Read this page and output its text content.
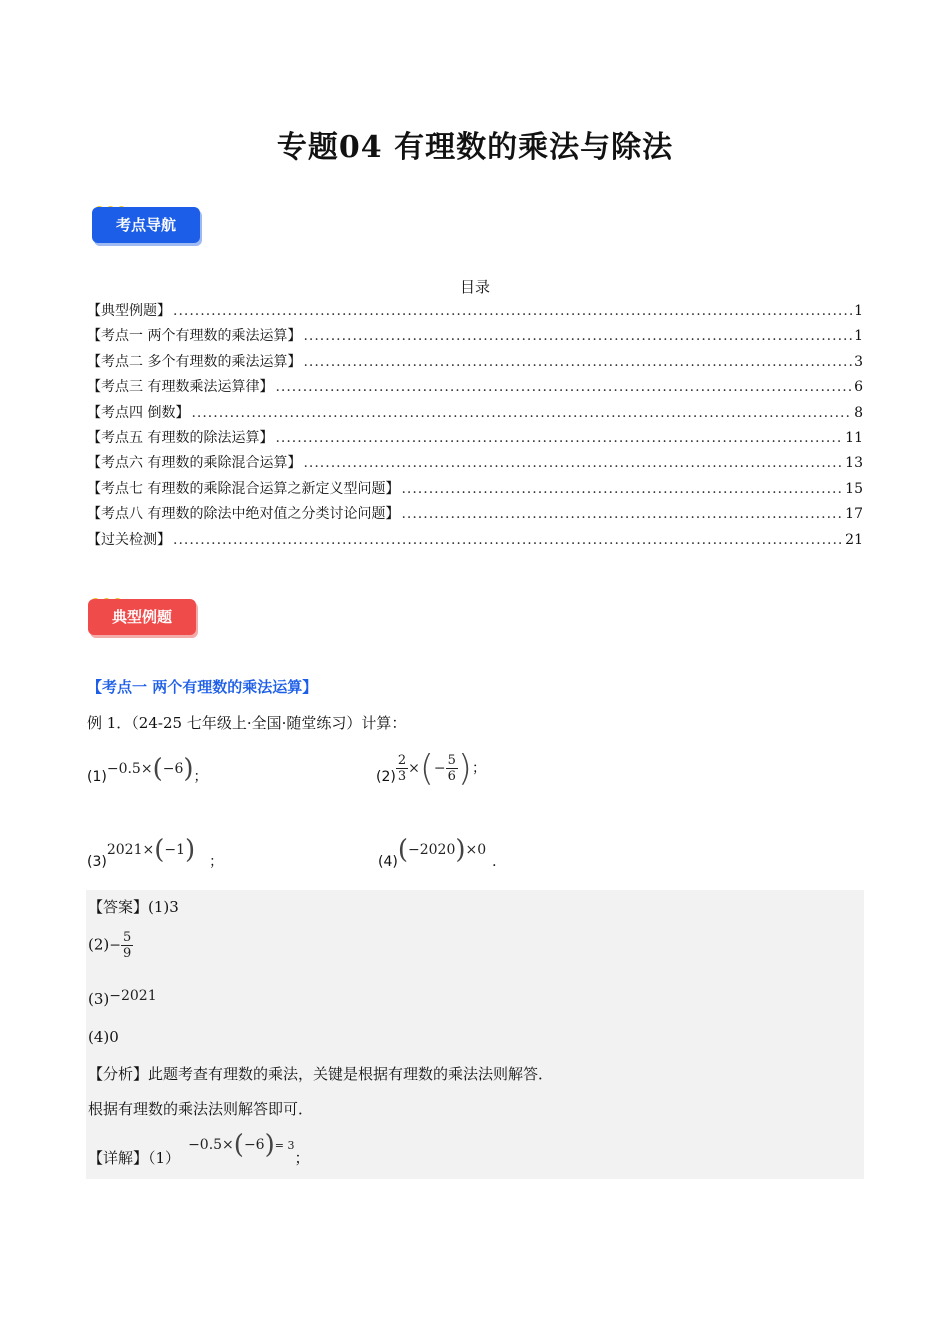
专题04 有理数的乘法与除法
考点导航
目录
【典型例题】 .....	1
【考点一 两个有理数的乘法运算】 .....	1
【考点二 多个有理数的乘法运算】 .....	3
【考点三 有理数乘法运算律】 .....	6
【考点四 倒数】 .....	8
【考点五 有理数的除法运算】 .....	11
【考点六 有理数的乘除混合运算】 .....	13
【考点七 有理数的乘除混合运算之新定义型问题】 .....	15
【考点八 有理数的除法中绝对值之分类讨论问题】 .....	17
【过关检测】 .....	21
典型例题
【考点一 两个有理数的乘法运算】
例 1．（24-25 七年级上·全国·随堂练习）计算：
(1)−0.5×(−6)；	$(2) \frac{2}{3}$ ×(− $\frac{5}{6}$ )；
(3)2021×(−1) ；	(4)(−2020)×0．
【答案】(1)3
$(2)- \frac{5}{9}$
(3)−2021
(4)0
【分析】此题考查有理数的乘法，关键是根据有理数的乘法法则解答．
根据有理数的乘法法则解答即可．
【详解】（1）−0.5×(−6)= 3；
